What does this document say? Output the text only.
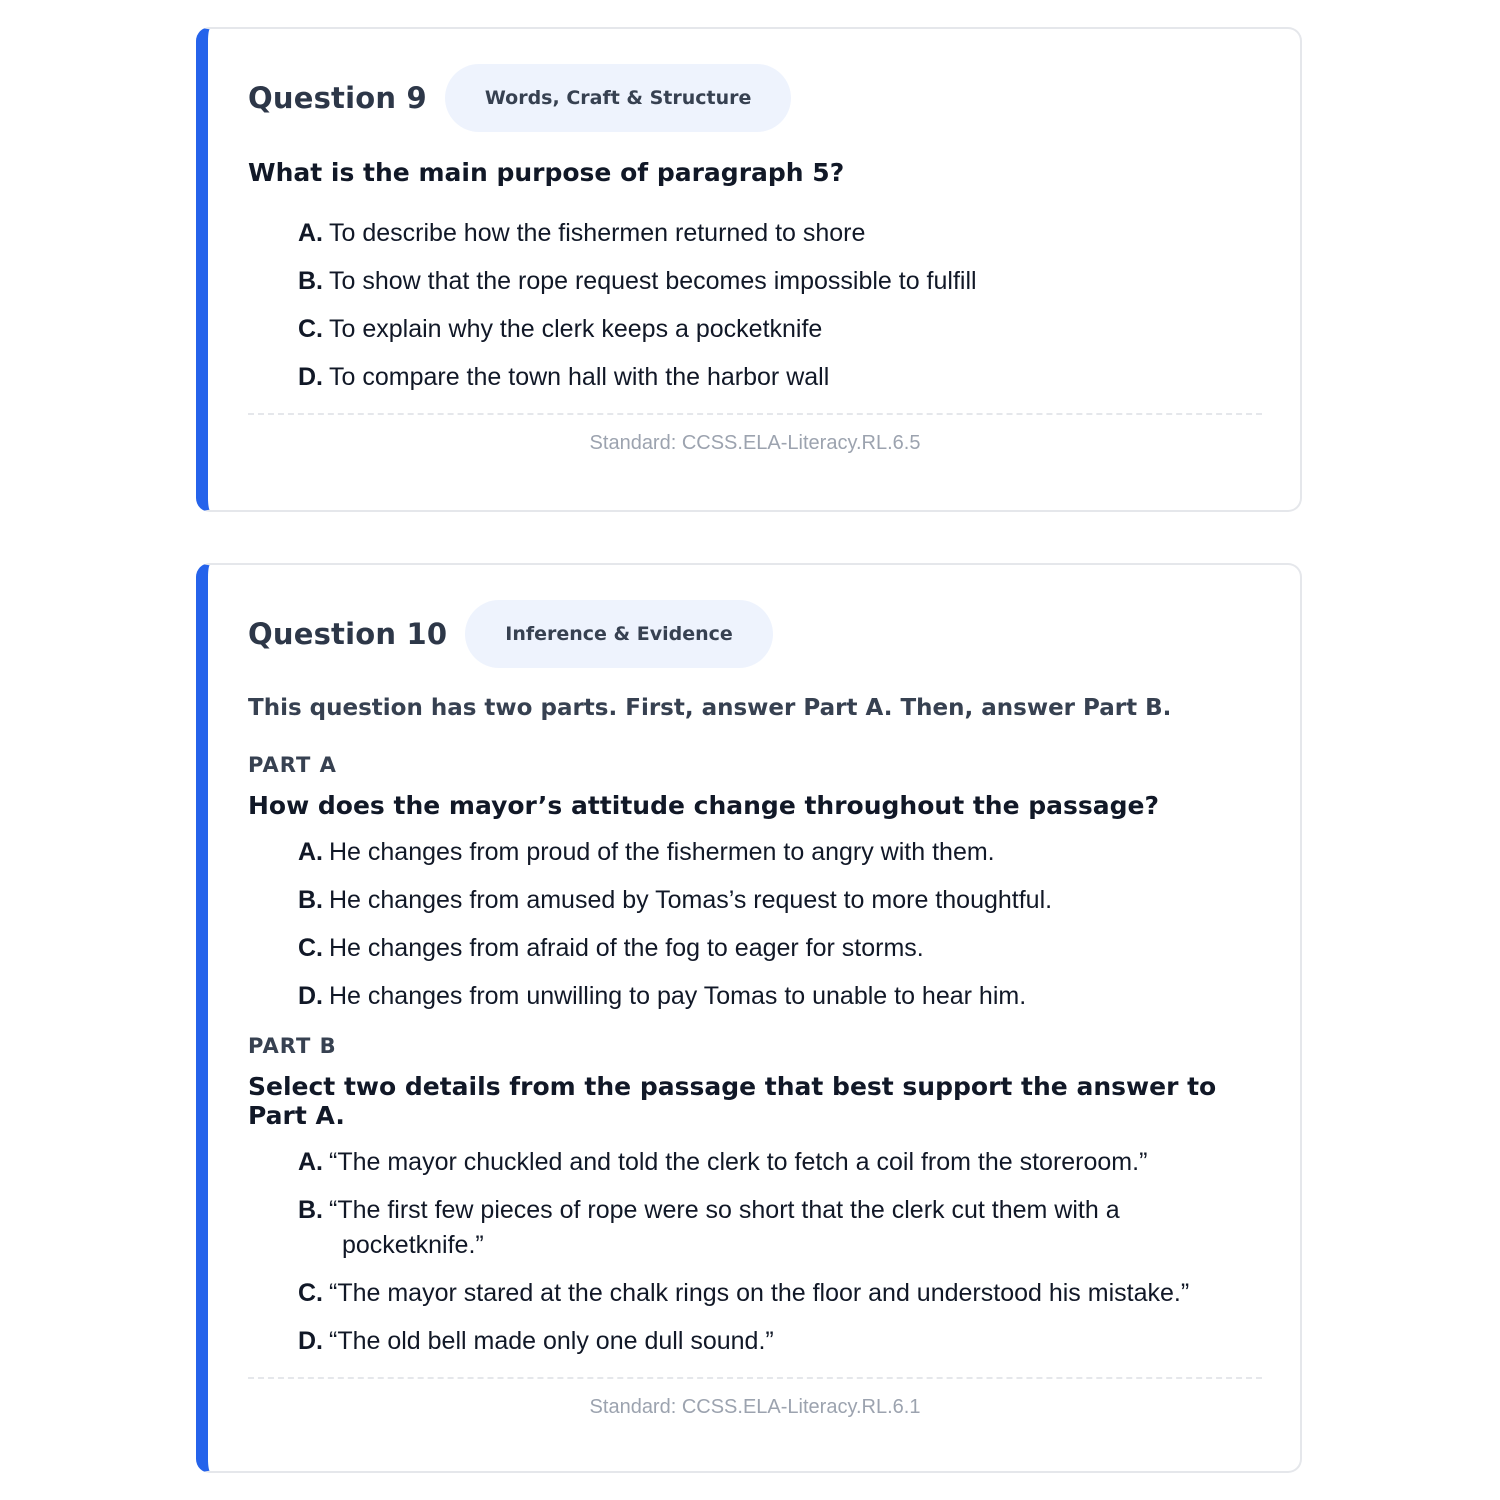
Question 9	Words, Craft & Structure
What is the main purpose of paragraph 5?
A. To describe how the fishermen returned to shore
B. To show that the rope request becomes impossible to fulfill
C. To explain why the clerk keeps a pocketknife
D. To compare the town hall with the harbor wall
Standard: CCSS.ELA-Literacy.RL.6.5
Question 10	Inference & Evidence
This question has two parts. First, answer Part A. Then, answer Part B.
PART A
How does the mayor’s attitude change throughout the passage?
A. He changes from proud of the fishermen to angry with them.
B. He changes from amused by Tomas’s request to more thoughtful.
C. He changes from afraid of the fog to eager for storms.
D. He changes from unwilling to pay Tomas to unable to hear him.
PART B
Select two details from the passage that best support the answer to Part A.
A. “The mayor chuckled and told the clerk to fetch a coil from the storeroom.”
B. “The first few pieces of rope were so short that the clerk cut them with a pocketknife.”
C. “The mayor stared at the chalk rings on the floor and understood his mistake.”
D. “The old bell made only one dull sound.”
Standard: CCSS.ELA-Literacy.RL.6.1
